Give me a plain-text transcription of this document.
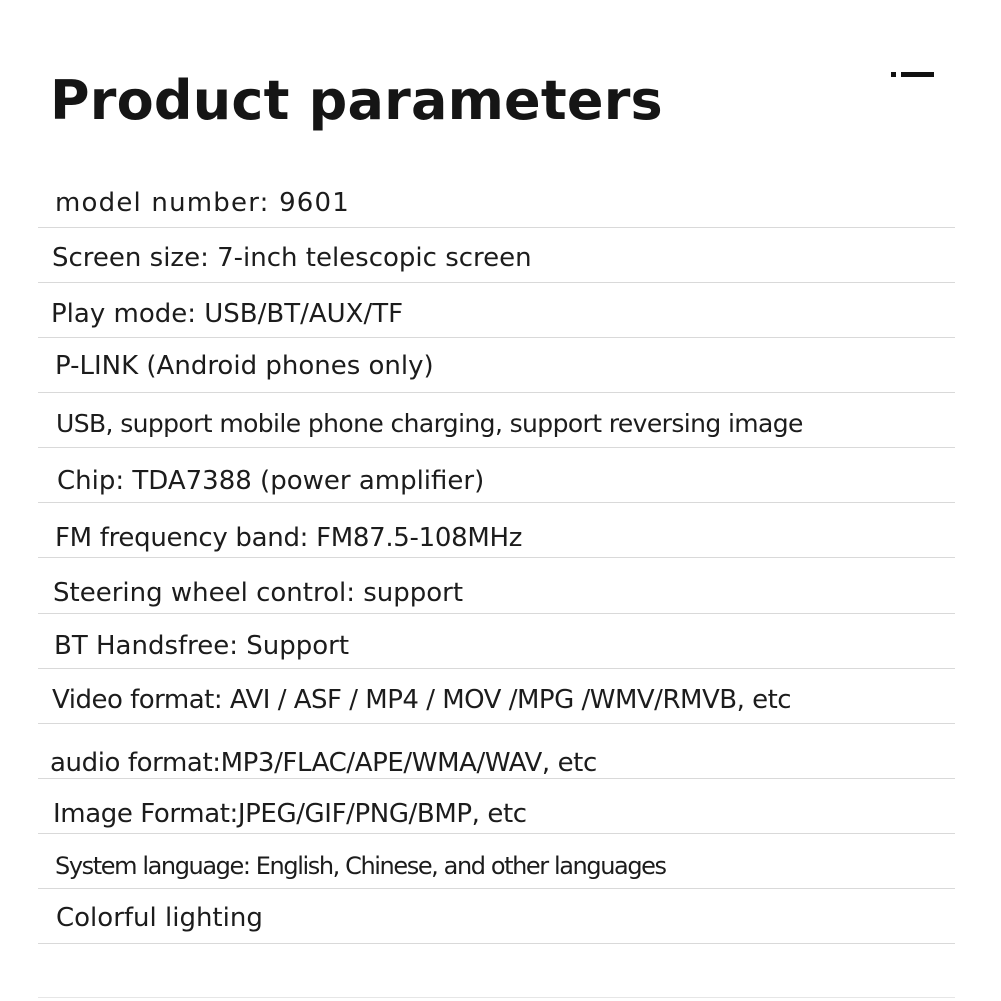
Product parameters
model number: 9601
Screen size: 7-inch telescopic screen
Play mode: USB/BT/AUX/TF
P-LINK (Android phones only)
USB, support mobile phone charging, support reversing image
Chip: TDA7388 (power amplifier)
FM frequency band: FM87.5-108MHz
Steering wheel control: support
BT Handsfree: Support
Video format: AVI / ASF / MP4 / MOV /MPG /WMV/RMVB, etc
audio format:MP3/FLAC/APE/WMA/WAV, etc
Image Format:JPEG/GIF/PNG/BMP, etc
System language: English, Chinese, and other languages
Colorful lighting
